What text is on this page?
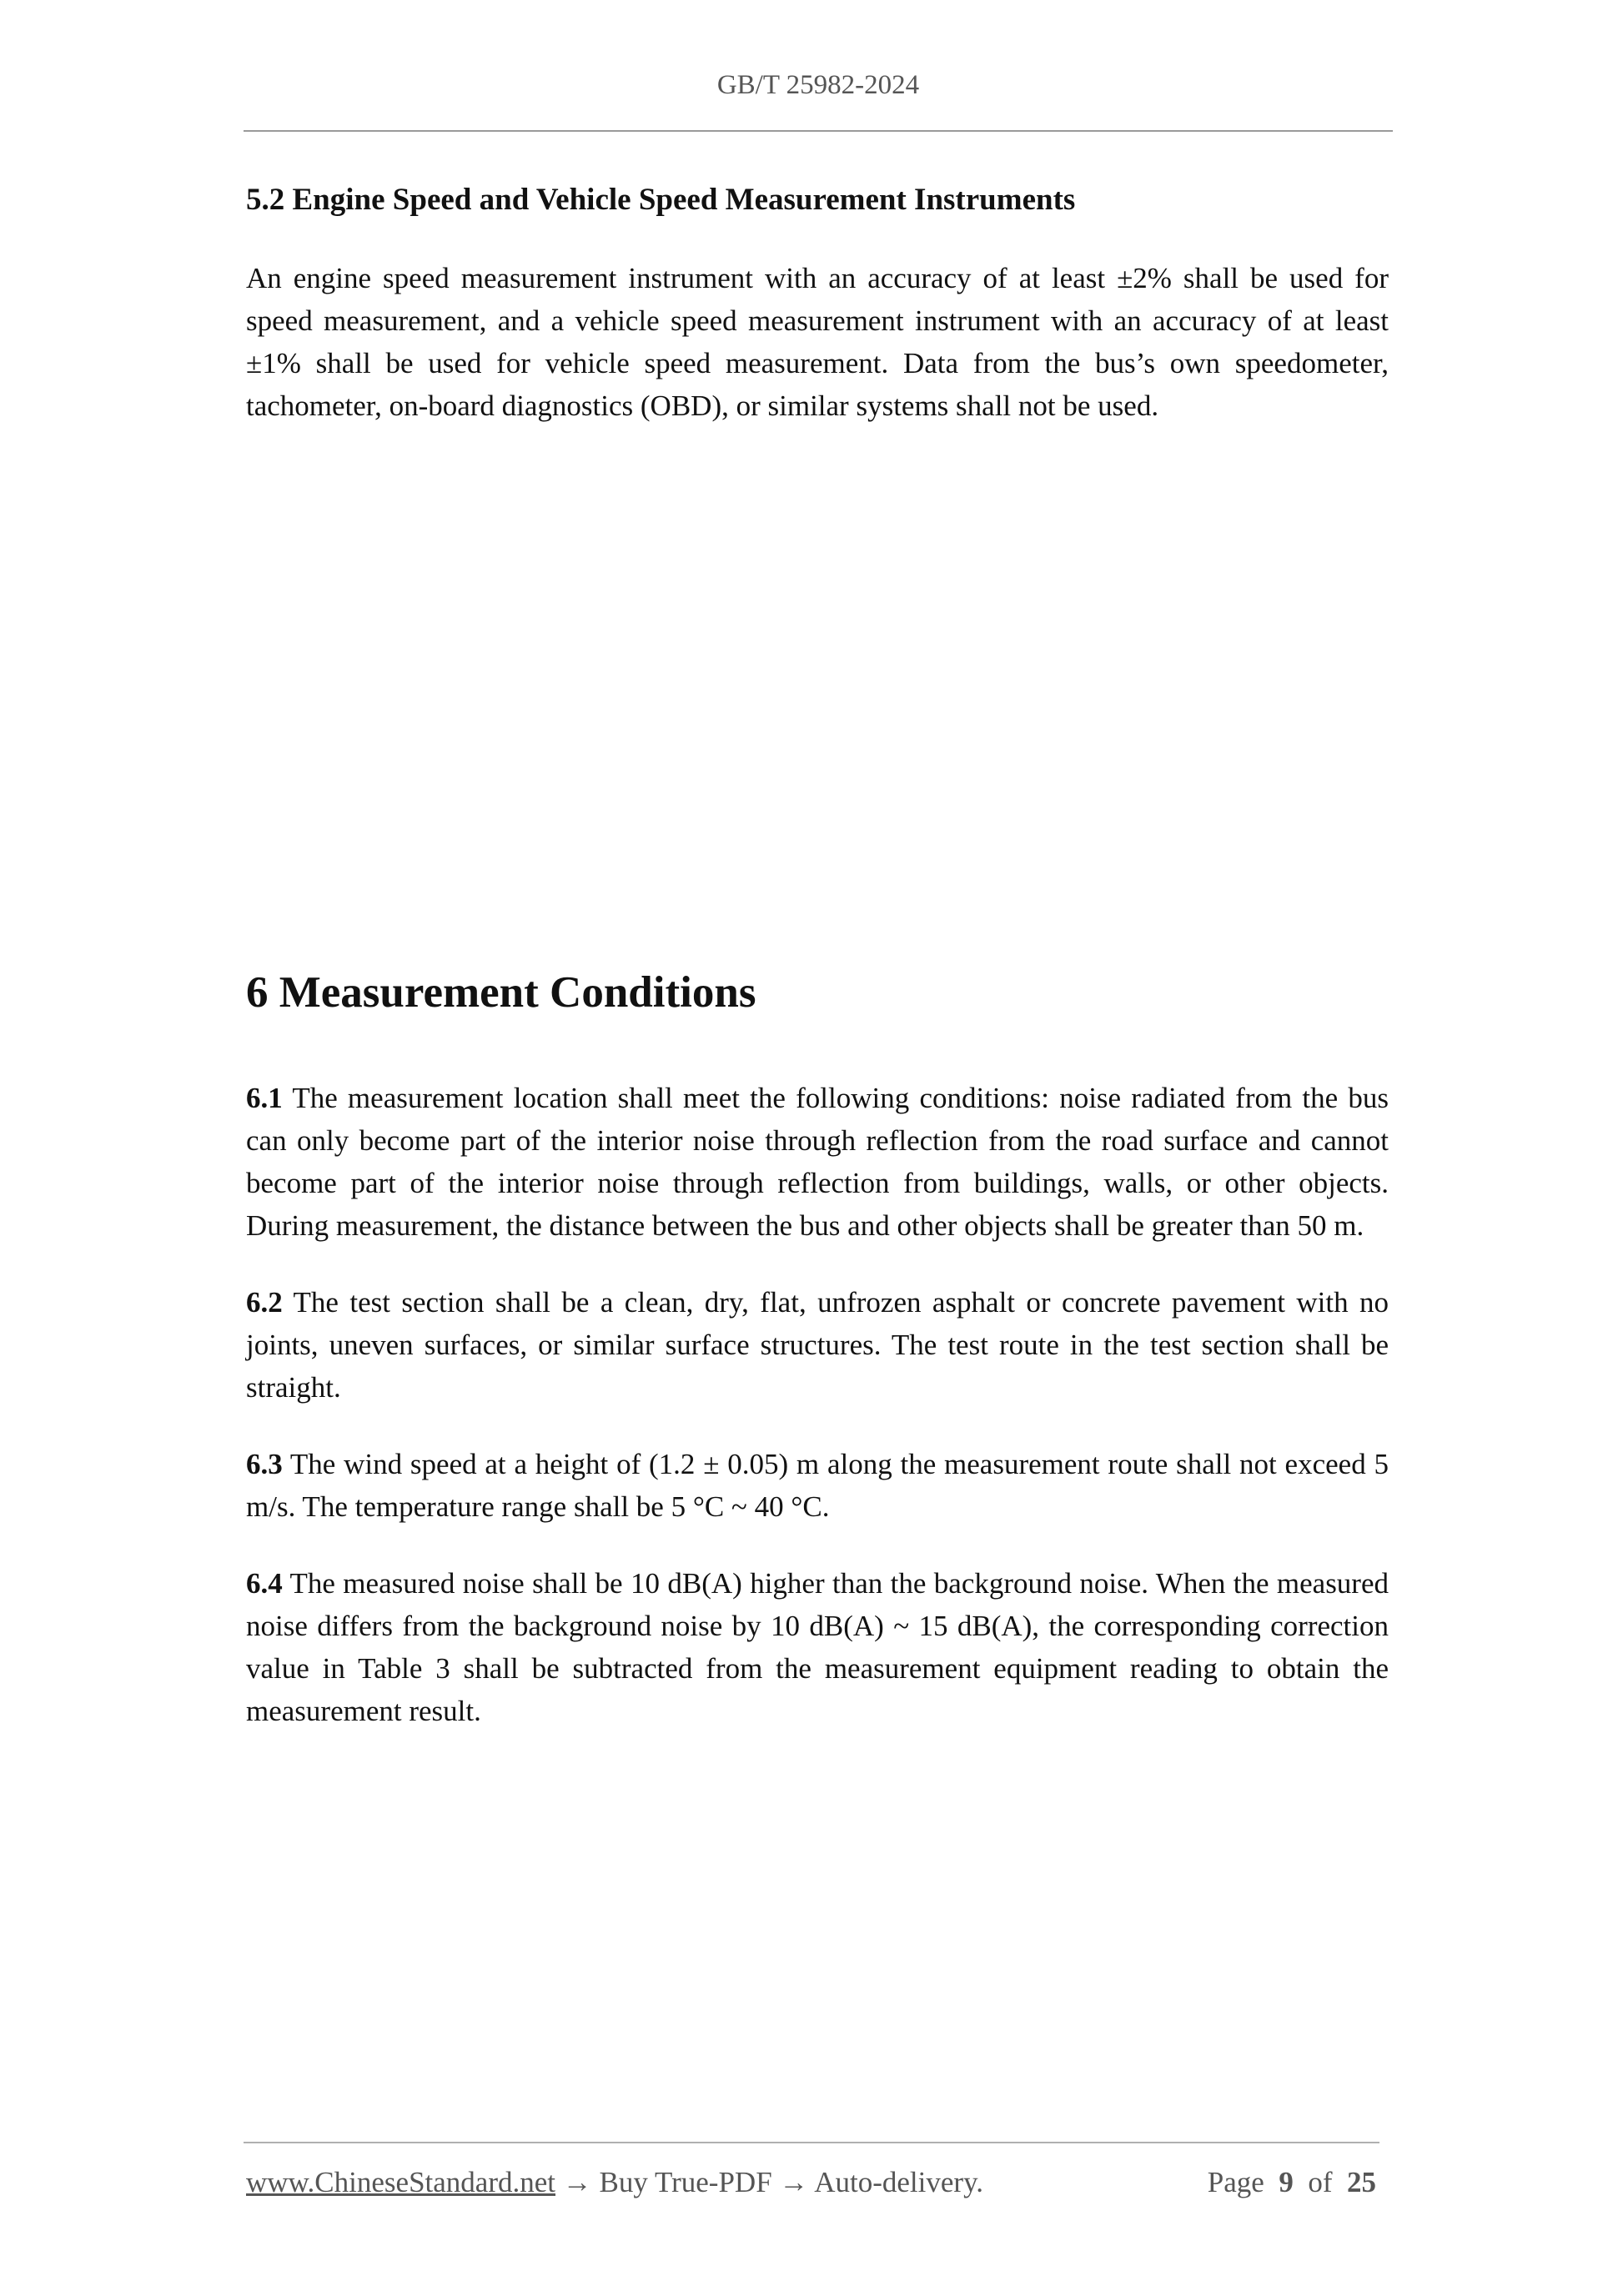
GB/T 25982-2024
5.2 Engine Speed and Vehicle Speed Measurement Instruments

An engine speed measurement instrument with an accuracy of at least ±2% shall be used for speed measurement, and a vehicle speed measurement instrument with an accuracy of at least ±1% shall be used for vehicle speed measurement. Data from the bus’s own speedometer, tachometer, on-board diagnostics (OBD), or similar systems shall not be used.

6 Measurement Conditions

6.1 The measurement location shall meet the following conditions: noise radiated from the bus can only become part of the interior noise through reflection from the road surface and cannot become part of the interior noise through reflection from buildings, walls, or other objects. During measurement, the distance between the bus and other objects shall be greater than 50 m.

6.2 The test section shall be a clean, dry, flat, unfrozen asphalt or concrete pavement with no joints, uneven surfaces, or similar surface structures. The test route in the test section shall be straight.

6.3 The wind speed at a height of (1.2 ± 0.05) m along the measurement route shall not exceed 5 m/s. The temperature range shall be 5 °C ~ 40 °C.

6.4 The measured noise shall be 10 dB(A) higher than the background noise. When the measured noise differs from the background noise by 10 dB(A) ~ 15 dB(A), the corresponding correction value in Table 3 shall be subtracted from the measurement equipment reading to obtain the measurement result.

www.ChineseStandard.net → Buy True-PDF → Auto-delivery.	Page 9 of 25
